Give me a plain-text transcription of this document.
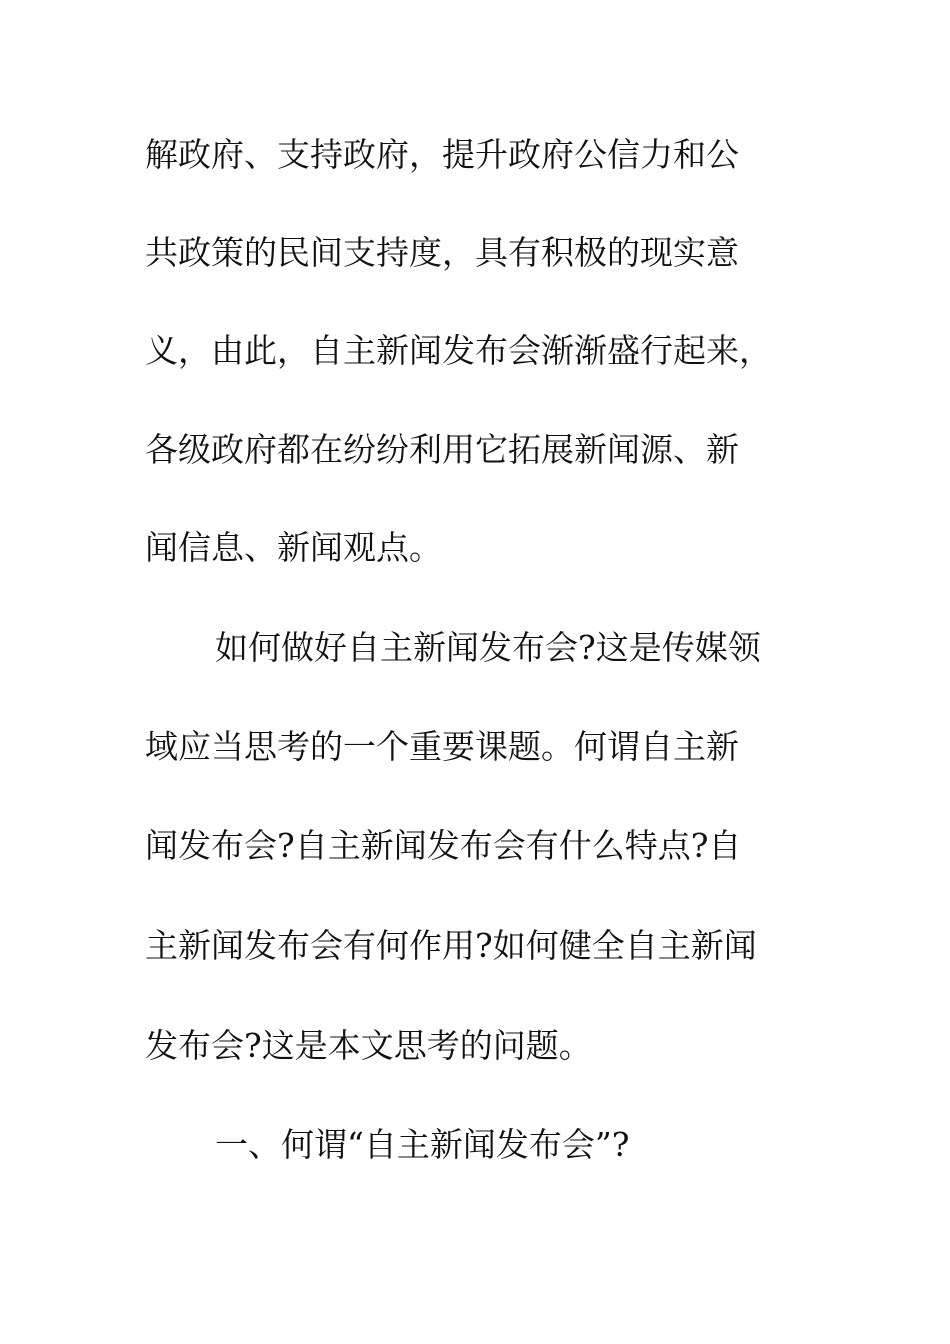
解政府、支持政府，提升政府公信力和公
共政策的民间支持度，具有积极的现实意
义，由此，自主新闻发布会渐渐盛行起来，
各级政府都在纷纷利用它拓展新闻源、新
闻信息、新闻观点。
如何做好自主新闻发布会?这是传媒领
域应当思考的一个重要课题。何谓自主新
闻发布会?自主新闻发布会有什么特点?自
主新闻发布会有何作用?如何健全自主新闻
发布会?这是本文思考的问题。
一、何谓“自主新闻发布会”?
